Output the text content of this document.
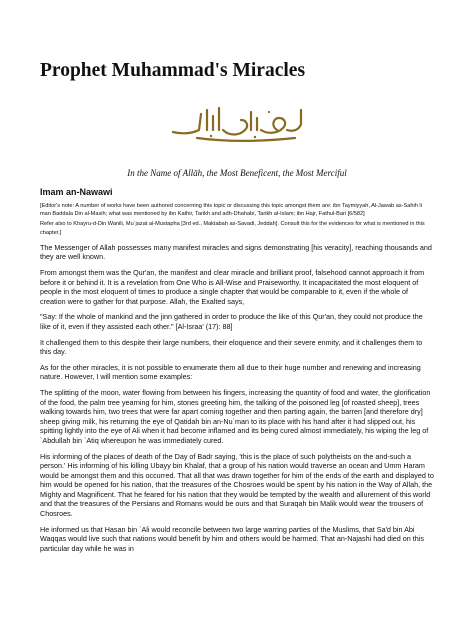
Prophet Muhammad's Miracles
In the Name of Allāh, the Most Beneficent, the Most Merciful
Imam an-Nawawi
[Editor's note: A number of works have been authored concerning this topic or discussing this topic amongst them are: ibn Taymiyyah, Al-Jawab as-Sahih li man Baddala Din al-Masih; what was mentioned by ibn Kathir, Tarikh and adh-Dhahabi, Tarikh al-Islam; ibn Hajr, Fathul-Bari [6/582]
Refer also to Khayru-d-Din Wanili, Mu`jazat al-Mustapha [3rd ed., Maktabah as-Savadi, Jeddah]. Consult this for the evidences for what is mentioned in this chapter.]

The Messenger of Allah possesses many manifest miracles and signs demonstrating [his veracity], reaching thousands and they are well known.

From amongst them was the Qur'an, the manifest and clear miracle and brilliant proof, falsehood cannot approach it from before it or behind it. It is a revelation from One Who is All-Wise and Praiseworthy. It incapacitated the most eloquent of people in the most eloquent of times to produce a single chapter that would be comparable to it, even if the whole of creation were to gather for that purpose. Allah, the Exalted says,

"Say: If the whole of mankind and the jinn gathered in order to produce the like of this Qur'an, they could not produce the like of it, even if they assisted each other." [Al-Israa' (17): 88]

It challenged them to this despite their large numbers, their eloquence and their severe enmity, and it challenges them to this day.

As for the other miracles, it is not possible to enumerate them all due to their huge number and renewing and increasing nature. However, I will mention some examples:

The splitting of the moon, water flowing from between his fingers, increasing the quantity of food and water, the glorification of the food, the palm tree yearning for him, stones greeting him, the talking of the poisoned leg [of roasted sheep], trees walking towards him, two trees that were far apart coming together and then parting again, the barren [and therefore dry] sheep giving milk, his returning the eye of Qatidah bin an-Nu`man to its place with his hand after it had slipped out, his spitting lightly into the eye of Ali when it had become inflamed and its being cured almost immediately, his wiping the leg of `Abdullah bin `Atiq whereupon he was immediately cured.

His informing of the places of death of the Day of Badr saying, 'this is the place of such polytheists on the and-such a person.' His informing of his killing Ubayy bin Khalaf, that a group of his nation would traverse an ocean and Umm Haram would be amongst them and this occurred. That all that was drawn together for him of the ends of the earth and displayed to him would be opened for his nation, that the treasures of the Chosroes would be spent by his nation in the Way of Allah, the Mighty and Magnificent. That he feared for his nation that they would be tempted by the wealth and allurement of this world and that the treasures of the Persians and Romans would be ours and that Suraqah bin Malik would wear the trousers of Chosroes.

He informed us that Hasan bin `Ali would reconcile between two large warring parties of the Muslims, that Sa'd bin Abi Waqqas would live such that nations would benefit by him and others would be harmed. That an-Najashi had died on this particular day while he was in
